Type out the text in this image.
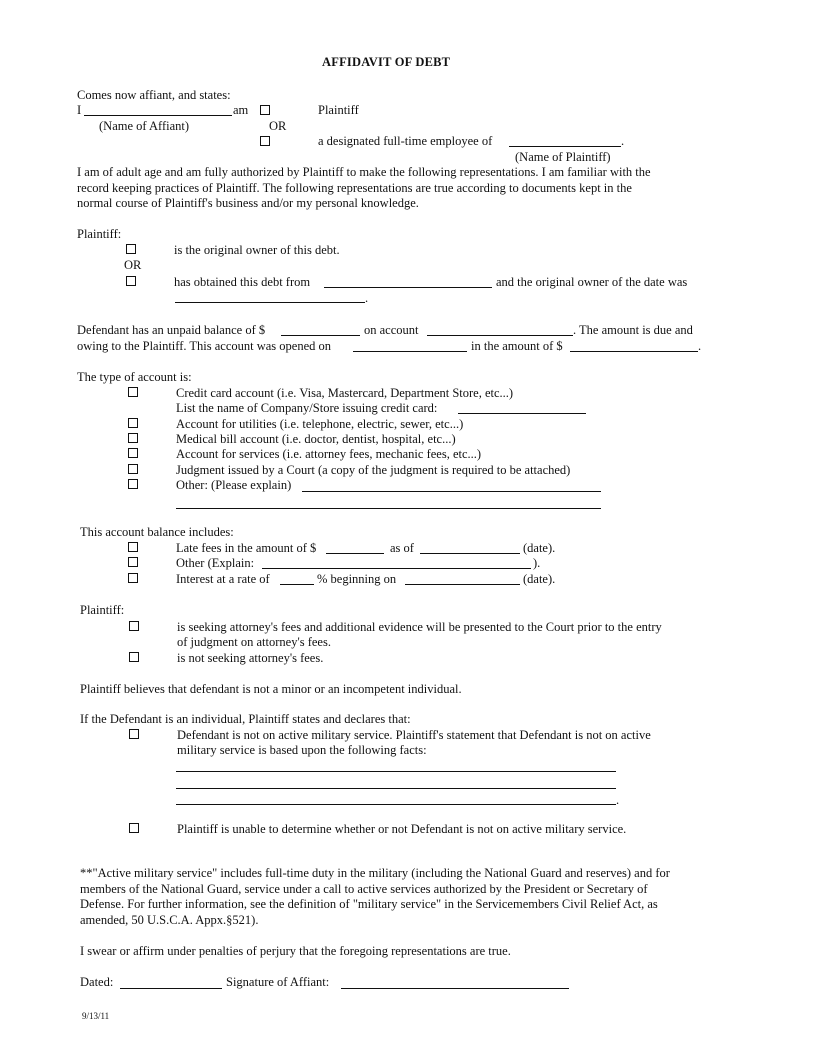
AFFIDAVIT OF DEBT
Comes now affiant, and states:
I	am	Plaintiff
(Name of Affiant)	OR
a designated full-time employee of	.
(Name of Plaintiff)
I am of adult age and am fully authorized by Plaintiff to make the following representations. I am familiar with the
record keeping practices of Plaintiff. The following representations are true according to documents kept in the
normal course of Plaintiff's business and/or my personal knowledge.
Plaintiff:
is the original owner of this debt.
OR
has obtained this debt from	and the original owner of the date was
.
Defendant has an unpaid balance of $	on account	. The amount is due and
owing to the Plaintiff. This account was opened on	in the amount of $	.
The type of account is:
Credit card account (i.e. Visa, Mastercard, Department Store, etc...)
List the name of Company/Store issuing credit card:
Account for utilities (i.e. telephone, electric, sewer, etc...)
Medical bill account (i.e. doctor, dentist, hospital, etc...)
Account for services (i.e. attorney fees, mechanic fees, etc...)
Judgment issued by a Court (a copy of the judgment is required to be attached)
Other: (Please explain)
This account balance includes:
Late fees in the amount of $	as of	(date).
Other (Explain:	).
Interest at a rate of	% beginning on	(date).
Plaintiff:
is seeking attorney's fees and additional evidence will be presented to the Court prior to the entry
of judgment on attorney's fees.
is not seeking attorney's fees.
Plaintiff believes that defendant is not a minor or an incompetent individual.
If the Defendant is an individual, Plaintiff states and declares that:
Defendant is not on active military service. Plaintiff's statement that Defendant is not on active
military service is based upon the following facts:
.
Plaintiff is unable to determine whether or not Defendant is not on active military service.
**"Active military service" includes full-time duty in the military (including the National Guard and reserves) and for
members of the National Guard, service under a call to active services authorized by the President or Secretary of
Defense. For further information, see the definition of "military service" in the Servicemembers Civil Relief Act, as
amended, 50 U.S.C.A. Appx.§521).
I swear or affirm under penalties of perjury that the foregoing representations are true.
Dated:	Signature of Affiant:
9/13/11
